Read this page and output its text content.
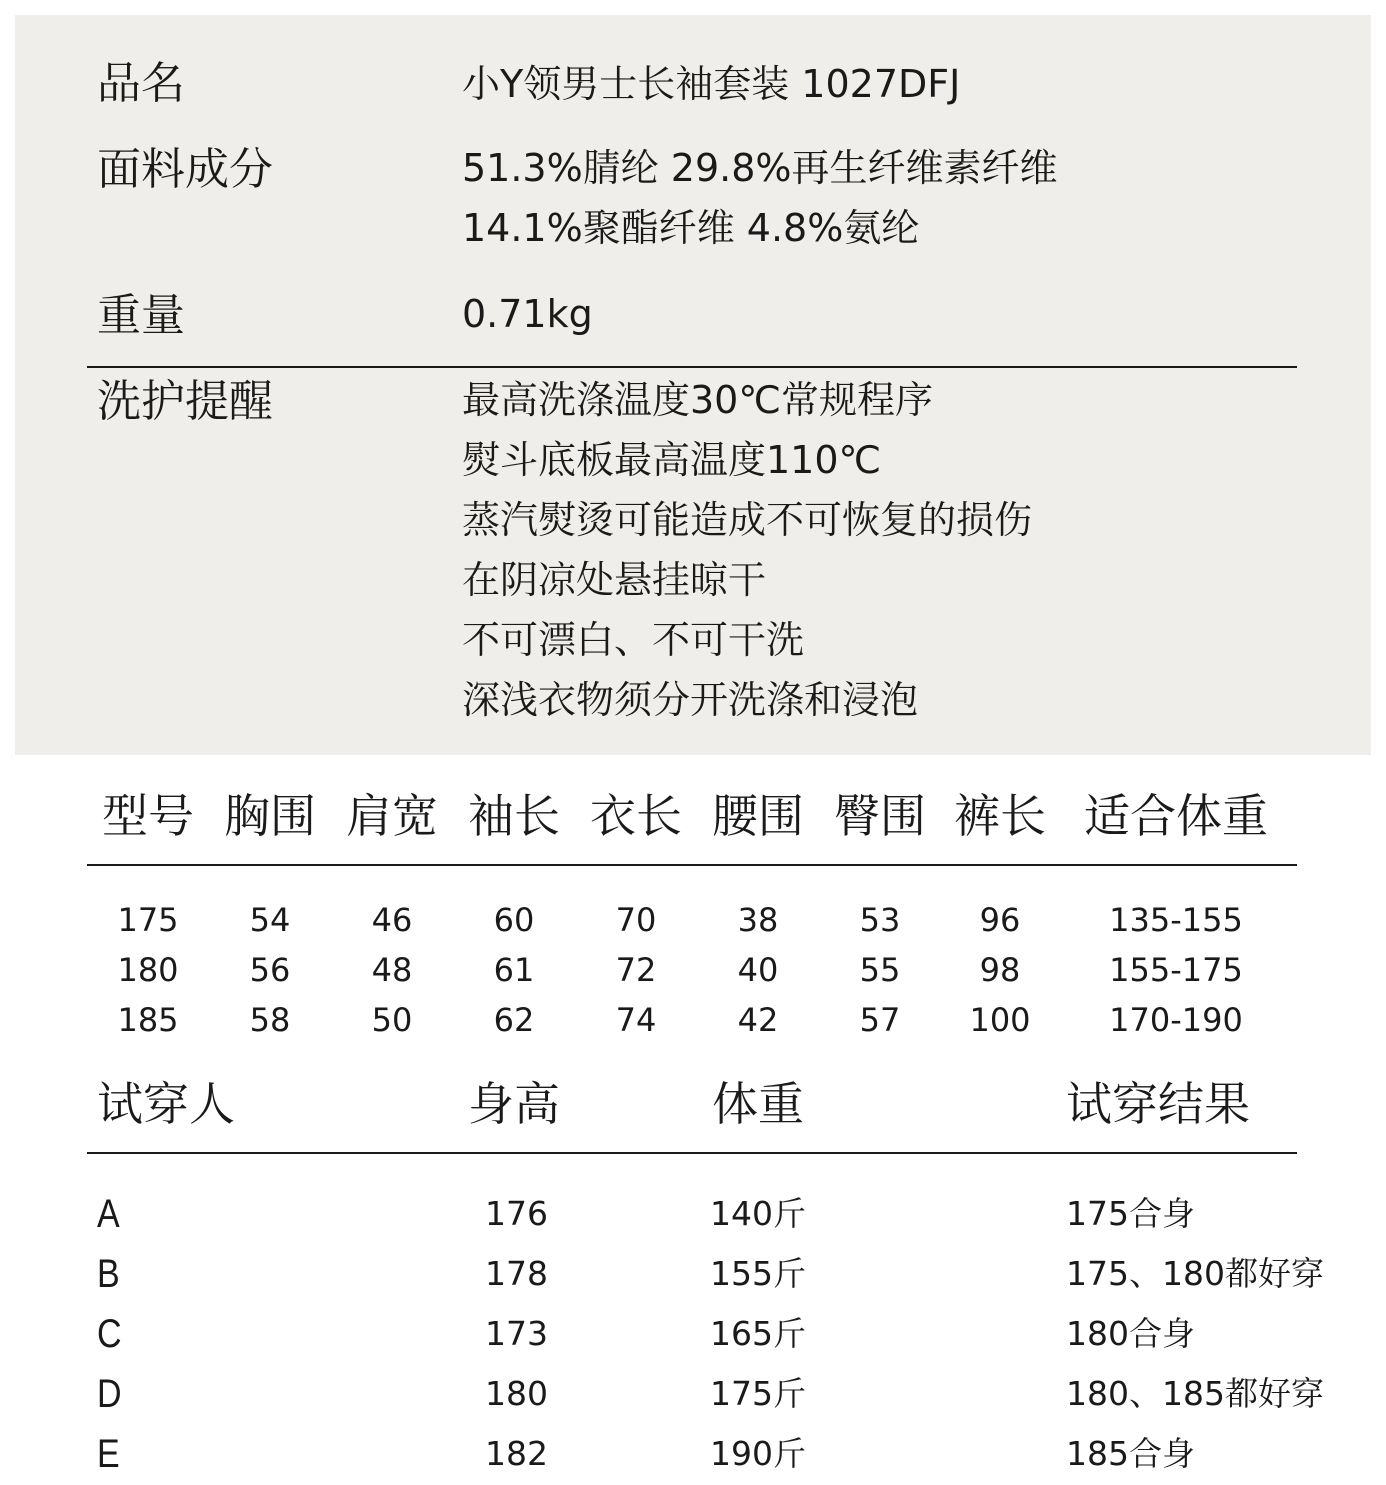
品名	小Y领男士长袖套装 1027DFJ
面料成分	51.3%腈纶 29.8%再生纤维素纤维
14.1%聚酯纤维 4.8%氨纶
重量	0.71kg
洗护提醒	最高洗涤温度30℃常规程序
熨斗底板最高温度110℃
蒸汽熨烫可能造成不可恢复的损伤
在阴凉处悬挂晾干
不可漂白、不可干洗
深浅衣物须分开洗涤和浸泡
型号 胸围 肩宽 袖长 衣长 腰围 臀围 裤长 适合体重
175 54	46	60	70	38	53 96	135-155
180 56	48	61	72	40	55 98	155-175
185 58	50	62	74	42	57 100 170-190
试穿人	身高	体重	试穿结果
A	176	140斤	175合身
B	178	155斤	175、180都好穿
C	173	165斤	180合身
D	180	175斤	180、185都好穿
E	182	190斤	185合身
